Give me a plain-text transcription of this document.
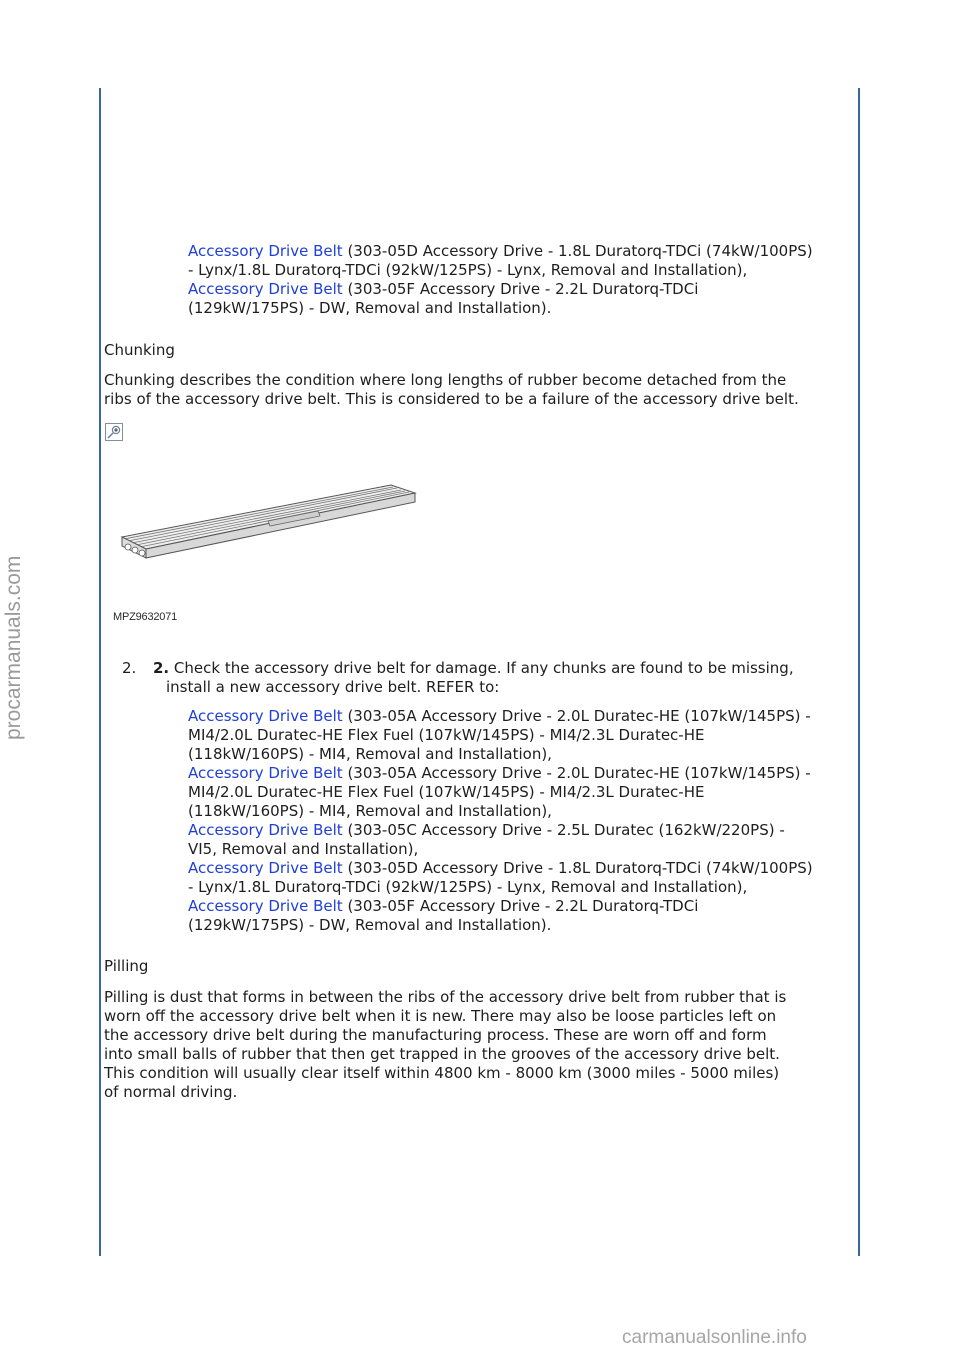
procarmanuals.com
carmanualsonline.info
Accessory Drive Belt (303-05D Accessory Drive - 1.8L Duratorq-TDCi (74kW/100PS)
- Lynx/1.8L Duratorq-TDCi (92kW/125PS) - Lynx, Removal and Installation),
Accessory Drive Belt (303-05F Accessory Drive - 2.2L Duratorq-TDCi
(129kW/175PS) - DW, Removal and Installation).
Chunking
Chunking describes the condition where long lengths of rubber become detached from the
ribs of the accessory drive belt. This is considered to be a failure of the accessory drive belt.
MPZ9632071
2. 2. Check the accessory drive belt for damage. If any chunks are found to be missing,
install a new accessory drive belt. REFER to:
Accessory Drive Belt (303-05A Accessory Drive - 2.0L Duratec-HE (107kW/145PS) -
MI4/2.0L Duratec-HE Flex Fuel (107kW/145PS) - MI4/2.3L Duratec-HE
(118kW/160PS) - MI4, Removal and Installation),
Accessory Drive Belt (303-05A Accessory Drive - 2.0L Duratec-HE (107kW/145PS) -
MI4/2.0L Duratec-HE Flex Fuel (107kW/145PS) - MI4/2.3L Duratec-HE
(118kW/160PS) - MI4, Removal and Installation),
Accessory Drive Belt (303-05C Accessory Drive - 2.5L Duratec (162kW/220PS) -
VI5, Removal and Installation),
Accessory Drive Belt (303-05D Accessory Drive - 1.8L Duratorq-TDCi (74kW/100PS)
- Lynx/1.8L Duratorq-TDCi (92kW/125PS) - Lynx, Removal and Installation),
Accessory Drive Belt (303-05F Accessory Drive - 2.2L Duratorq-TDCi
(129kW/175PS) - DW, Removal and Installation).
Pilling
Pilling is dust that forms in between the ribs of the accessory drive belt from rubber that is
worn off the accessory drive belt when it is new. There may also be loose particles left on
the accessory drive belt during the manufacturing process. These are worn off and form
into small balls of rubber that then get trapped in the grooves of the accessory drive belt.
This condition will usually clear itself within 4800 km - 8000 km (3000 miles - 5000 miles)
of normal driving.
